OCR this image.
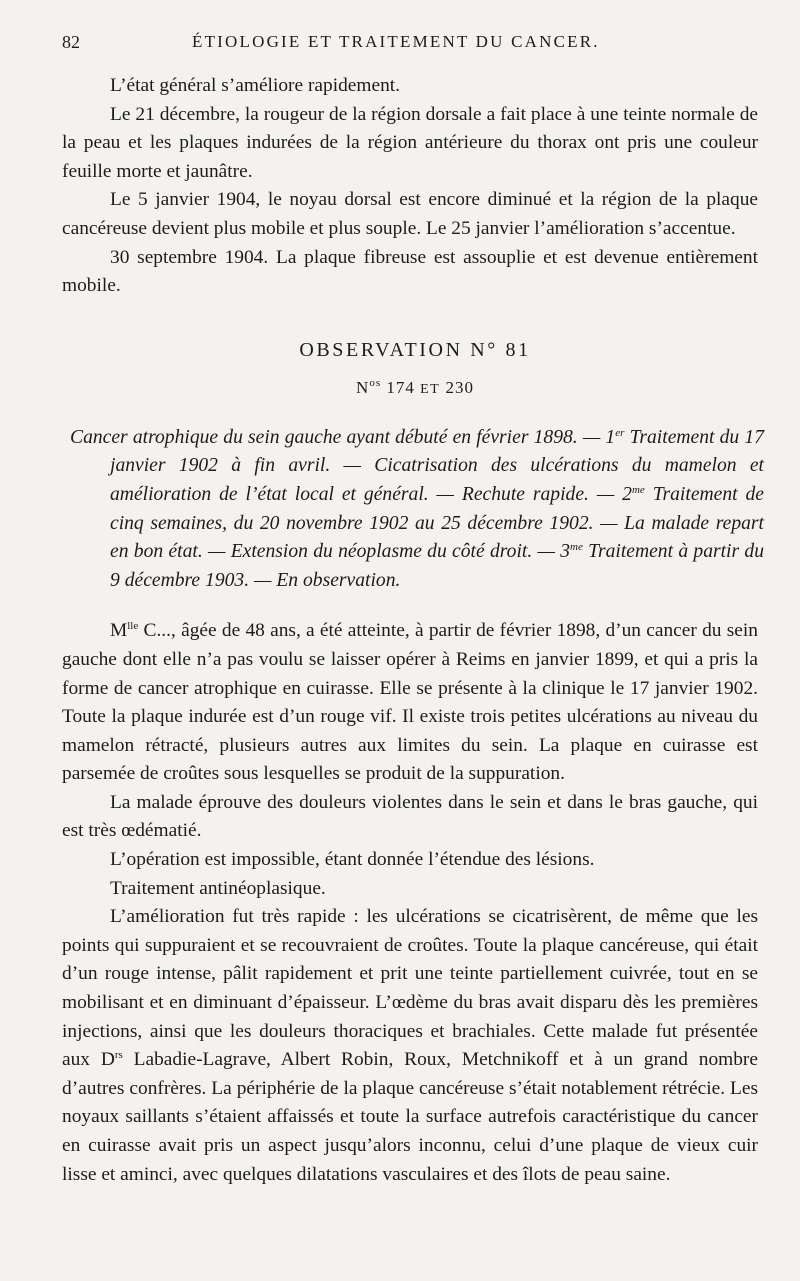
82	ÉTIOLOGIE ET TRAITEMENT DU CANCER.

L’état général s’améliore rapidement.

Le 21 décembre, la rougeur de la région dorsale a fait place à une teinte normale de la peau et les plaques indurées de la région antérieure du thorax ont pris une couleur feuille morte et jaunâtre.

Le 5 janvier 1904, le noyau dorsal est encore diminué et la région de la plaque cancéreuse devient plus mobile et plus souple. Le 25 janvier l’amélioration s’accentue.

30 septembre 1904. La plaque fibreuse est assouplie et est devenue entièrement mobile.

OBSERVATION N° 81
$N^{os}$ 174 ET 230
Cancer atrophique du sein gauche ayant débuté en février 1898. — 1er Traitement du 17 janvier 1902 à fin avril. — Cicatrisation des ulcérations du mamelon et amélioration de l’état local et général. — Rechute rapide. — $2^{me}$ Traitement de cinq semaines, du 20 novembre 1902 au 25 décembre 1902. — La malade repart en bon état. — Extension du néoplasme du côté droit. — $3^{me}$ Traitement à partir du 9 décembre 1903. — En observation.

$M^{lle}$ C..., âgée de 48 ans, a été atteinte, à partir de février 1898, d’un cancer du sein gauche dont elle n’a pas voulu se laisser opérer à Reims en janvier 1899, et qui a pris la forme de cancer atrophique en cuirasse. Elle se présente à la clinique le 17 janvier 1902. Toute la plaque indurée est d’un rouge vif. Il existe trois petites ulcérations au niveau du mamelon rétracté, plusieurs autres aux limites du sein. La plaque en cuirasse est parsemée de croûtes sous lesquelles se produit de la suppuration.

La malade éprouve des douleurs violentes dans le sein et dans le bras gauche, qui est très œdématié.

L’opération est impossible, étant donnée l’étendue des lésions.

Traitement antinéoplasique.

L’amélioration fut très rapide : les ulcérations se cicatrisèrent, de même que les points qui suppuraient et se recouvraient de croûtes. Toute la plaque cancéreuse, qui était d’un rouge intense, pâlit rapidement et prit une teinte partiellement cuivrée, tout en se mobilisant et en diminuant d’épaisseur. L’œdème du bras avait disparu dès les premières injections, ainsi que les douleurs thoraciques et brachiales. Cette malade fut présentée aux $D^{rs}$ Labadie-Lagrave, Albert Robin, Roux, Metchnikoff et à un grand nombre d’autres confrères. La périphérie de la plaque cancéreuse s’était notablement rétrécie. Les noyaux saillants s’étaient affaissés et toute la surface autrefois caractéristique du cancer en cuirasse avait pris un aspect jusqu’alors inconnu, celui d’une plaque de vieux cuir lisse et aminci, avec quelques dilatations vasculaires et des îlots de peau saine.
